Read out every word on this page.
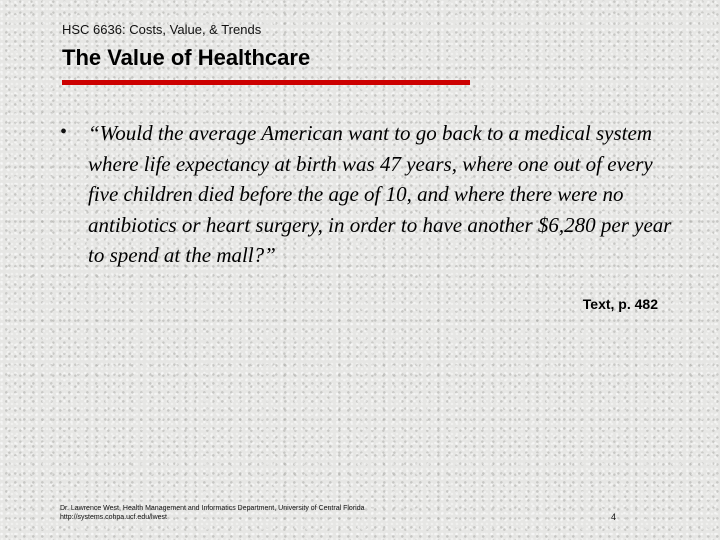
HSC 6636: Costs, Value, & Trends
The Value of Healthcare
• “Would the average American want to go back to a medical system where life expectancy at birth was 47 years, where one out of every five children died before the age of 10, and where there were no antibiotics or heart surgery, in order to have another $6,280 per year to spend at the mall?”

Text, p. 482
Dr. Lawrence West, Health Management and Informatics Department, University of Central Florida
http://systems.cohpa.ucf.edu/lwest	4
